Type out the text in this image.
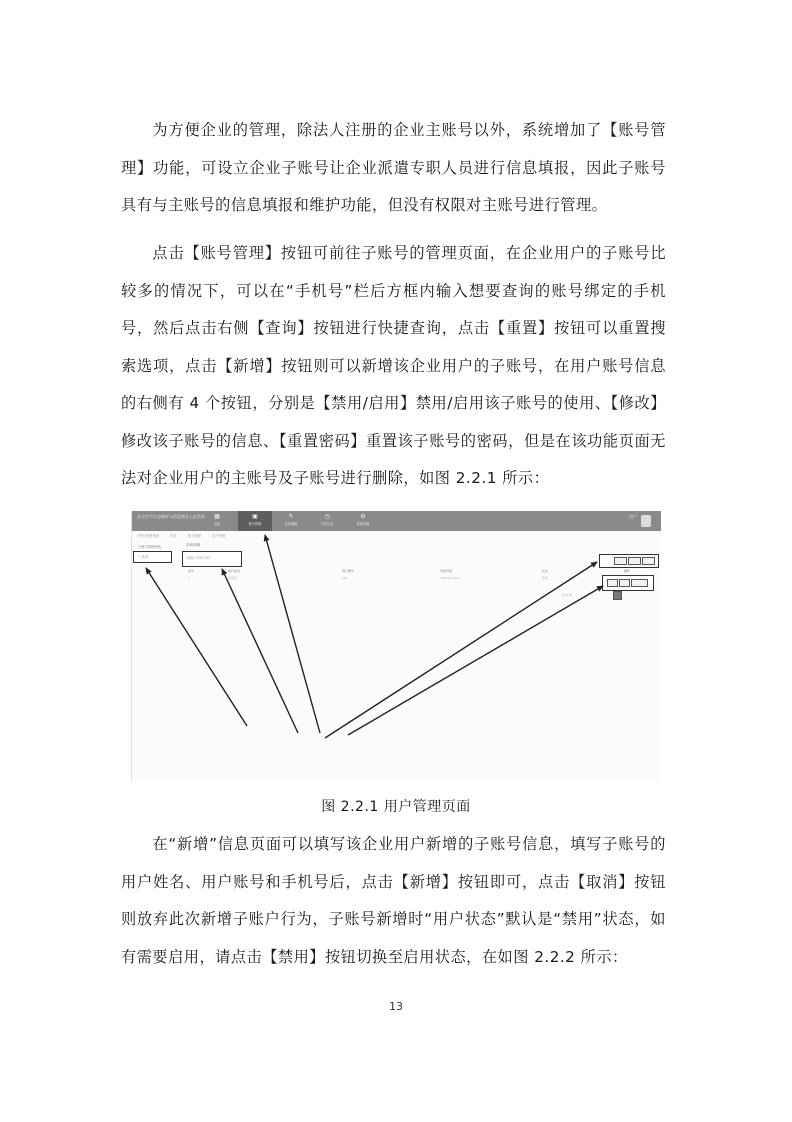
为方便企业的管理，除法人注册的企业主账号以外，系统增加了【账号管理】功能，可设立企业子账号让企业派遣专职人员进行信息填报，因此子账号具有与主账号的信息填报和维护功能，但没有权限对主账号进行管理。

点击【账号管理】按钮可前往子账号的管理页面，在企业用户的子账号比较多的情况下，可以在“手机号”栏后方框内输入想要查询的账号绑定的手机号，然后点击右侧【查询】按钮进行快捷查询，点击【重置】按钮可以重置搜索选项，点击【新增】按钮则可以新增该企业用户的子账号，在用户账号信息的右侧有 4 个按钮，分别是【禁用/启用】禁用/启用该子账号的使用、【修改】修改该子账号的信息、【重置密码】重置该子账号的密码，但是在该功能页面无法对企业用户的主账号及子账号进行删除，如图 2.2.1 所示：

安全生产应急指挥与信息统计上报系统	▦
首页
▣
账号管理
✎
信息填报
◷
历史记录
⚙
系统设置
用户
子账号管理列表	首页	账号管理	用户管理
子账号管理列表	手机号码
请输入手机号码
+ 新增
序号	用户姓名	用户账号	手机号码	状态	操作
1	某某某	abc	138xxxxxxxx	禁用
共 1 条
图 2.2.1 用户管理页面

在“新增”信息页面可以填写该企业用户新增的子账号信息，填写子账号的用户姓名、用户账号和手机号后，点击【新增】按钮即可，点击【取消】按钮则放弃此次新增子账户行为，子账号新增时“用户状态”默认是“禁用”状态，如有需要启用，请点击【禁用】按钮切换至启用状态，在如图 2.2.2 所示：

13
